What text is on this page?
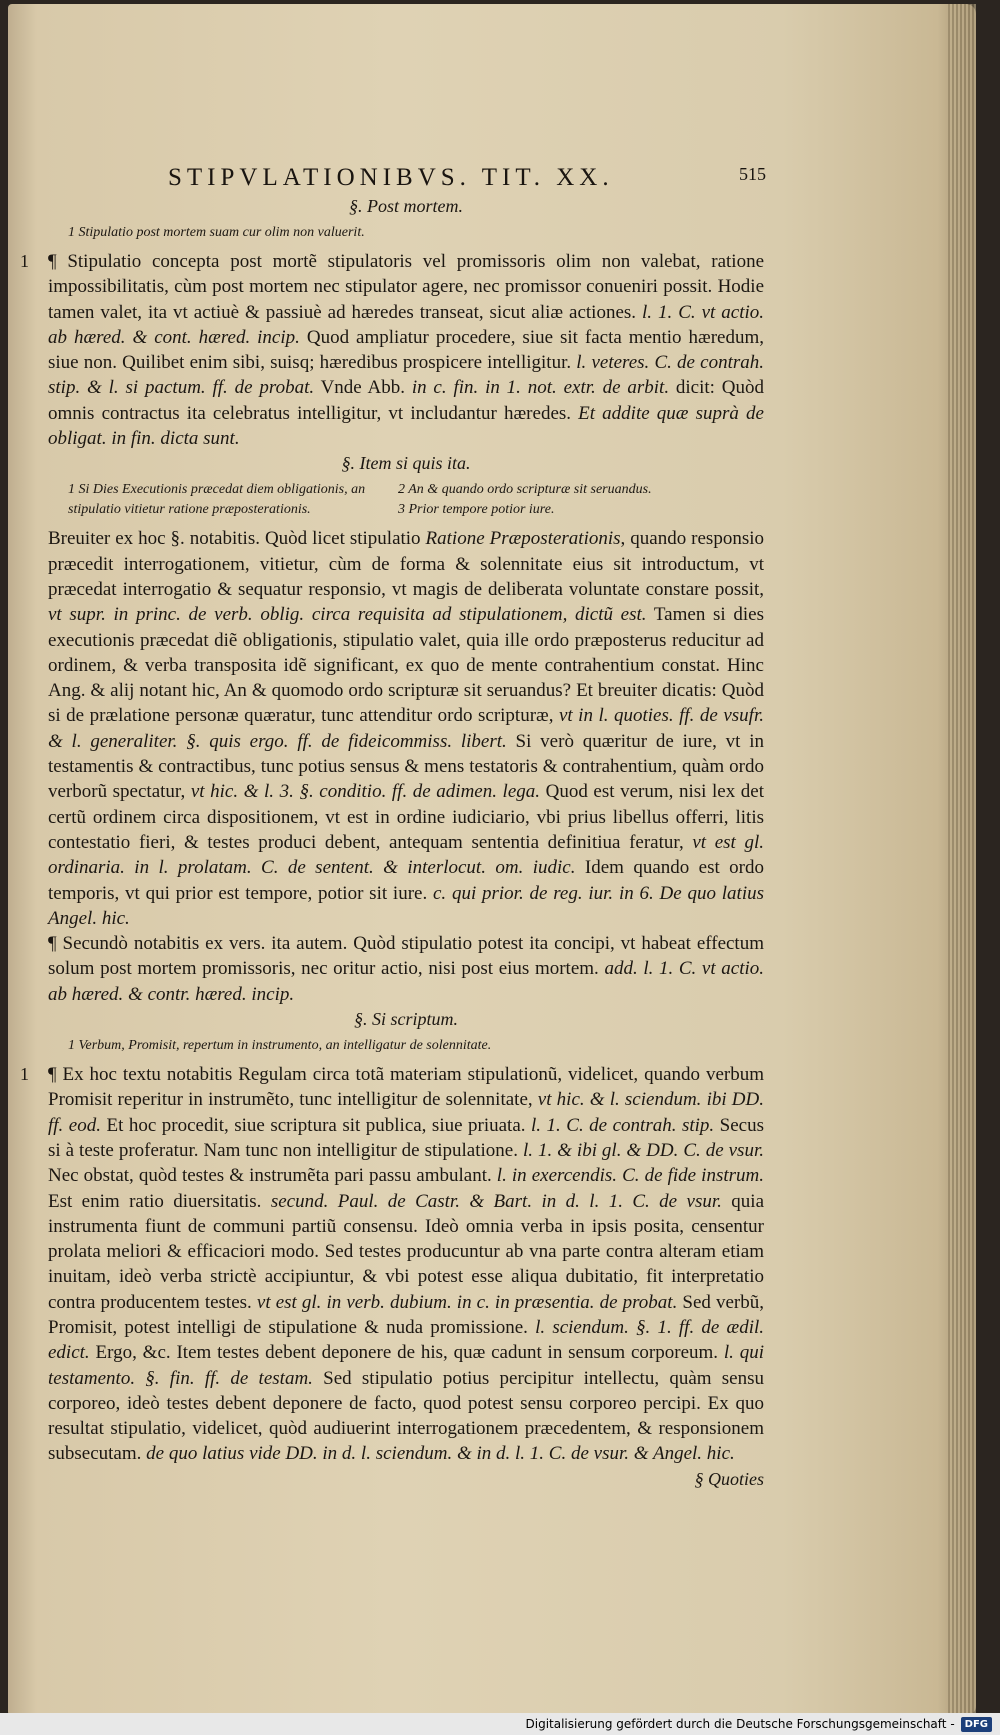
STIPVLATIONIBVS. TIT. XX.	515
§. Post mortem.
1 Stipulatio post mortem suam cur olim non valuerit.

1 ¶ Stipulatio concepta post mortẽ stipulatoris vel promissoris olim non valebat, ratione impossibilitatis, cùm post mortem nec stipulator agere, nec promissor conueniri possit. Hodie tamen valet, ita vt actiuè & passiuè ad hæredes transeat, sicut aliæ actiones. l. 1. C. vt actio. ab hæred. & cont. hæred. incip. Quod ampliatur procedere, siue sit facta mentio hæredum, siue non. Quilibet enim sibi, suisq; hæredibus prospicere intelligitur. l. veteres. C. de contrah. stip. & l. si pactum. ff. de probat. Vnde Abb. in c. fin. in 1. not. extr. de arbit. dicit: Quòd omnis contractus ita celebratus intelligitur, vt includantur hæredes. Et addite quæ suprà de obligat. in fin. dicta sunt.

§. Item si quis ita.
1 Si Dies Executionis præcedat diem obligationis, an stipulatio vitietur ratione præposterationis.
2 An & quando ordo scripturæ sit seruandus.
3 Prior tempore potior iure.

Breuiter ex hoc §. notabitis. Quòd licet stipulatio Ratione Præposterationis, quando responsio præcedit interrogationem, vitietur, cùm de forma & solennitate eius sit introductum, vt præcedat interrogatio & sequatur responsio, vt magis de deliberata voluntate constare possit, vt supr. in princ. de verb. oblig. circa requisita ad stipulationem, dictũ est. Tamen si dies executionis præcedat diẽ obligationis, stipulatio valet, quia ille ordo præposterus reducitur ad ordinem, & verba transposita idẽ significant, ex quo de mente contrahentium constat. Hinc Ang. & alij notant hic, An & quomodo ordo scripturæ sit seruandus? Et breuiter dicatis: Quòd si de prælatione personæ quæratur, tunc attenditur ordo scripturæ, vt in l. quoties. ff. de vsufr. & l. generaliter. §. quis ergo. ff. de fideicommiss. libert. Si verò quæritur de iure, vt in testamentis & contractibus, tunc potius sensus & mens testatoris & contrahentium, quàm ordo verborũ spectatur, vt hic. & l. 3. §. conditio. ff. de adimen. lega. Quod est verum, nisi lex det certũ ordinem circa dispositionem, vt est in ordine iudiciario, vbi prius libellus offerri, litis contestatio fieri, & testes produci debent, antequam sententia definitiua feratur, vt est gl. ordinaria. in l. prolatam. C. de sentent. & interlocut. om. iudic. Idem quando est ordo temporis, vt qui prior est tempore, potior sit iure. c. qui prior. de reg. iur. in 6. De quo latius Angel. hic.

¶ Secundò notabitis ex vers. ita autem. Quòd stipulatio potest ita concipi, vt habeat effectum solum post mortem promissoris, nec oritur actio, nisi post eius mortem. add. l. 1. C. vt actio. ab hæred. & contr. hæred. incip.

§. Si scriptum.
1 Verbum, Promisit, repertum in instrumento, an intelligatur de solennitate.

1 ¶ Ex hoc textu notabitis Regulam circa totã materiam stipulationũ, videlicet, quando verbum Promisit reperitur in instrumẽto, tunc intelligitur de solennitate, vt hic. & l. sciendum. ibi DD. ff. eod. Et hoc procedit, siue scriptura sit publica, siue priuata. l. 1. C. de contrah. stip. Secus si à teste proferatur. Nam tunc non intelligitur de stipulatione. l. 1. & ibi gl. & DD. C. de vsur. Nec obstat, quòd testes & instrumẽta pari passu ambulant. l. in exercendis. C. de fide instrum. Est enim ratio diuersitatis. secund. Paul. de Castr. & Bart. in d. l. 1. C. de vsur. quia instrumenta fiunt de communi partiũ consensu. Ideò omnia verba in ipsis posita, censentur prolata meliori & efficaciori modo. Sed testes producuntur ab vna parte contra alteram etiam inuitam, ideò verba strictè accipiuntur, & vbi potest esse aliqua dubitatio, fit interpretatio contra producentem testes. vt est gl. in verb. dubium. in c. in præsentia. de probat. Sed verbũ, Promisit, potest intelligi de stipulatione & nuda promissione. l. sciendum. §. 1. ff. de ædil. edict. Ergo, &c. Item testes debent deponere de his, quæ cadunt in sensum corporeum. l. qui testamento. §. fin. ff. de testam. Sed stipulatio potius percipitur intellectu, quàm sensu corporeo, ideò testes debent deponere de facto, quod potest sensu corporeo percipi. Ex quo resultat stipulatio, videlicet, quòd audiuerint interrogationem præcedentem, & responsionem subsecutam. de quo latius vide DD. in d. l. sciendum. & in d. l. 1. C. de vsur. & Angel. hic.

§ Quoties
Digitalisierung gefördert durch die Deutsche Forschungsgemeinschaft -	DFG
